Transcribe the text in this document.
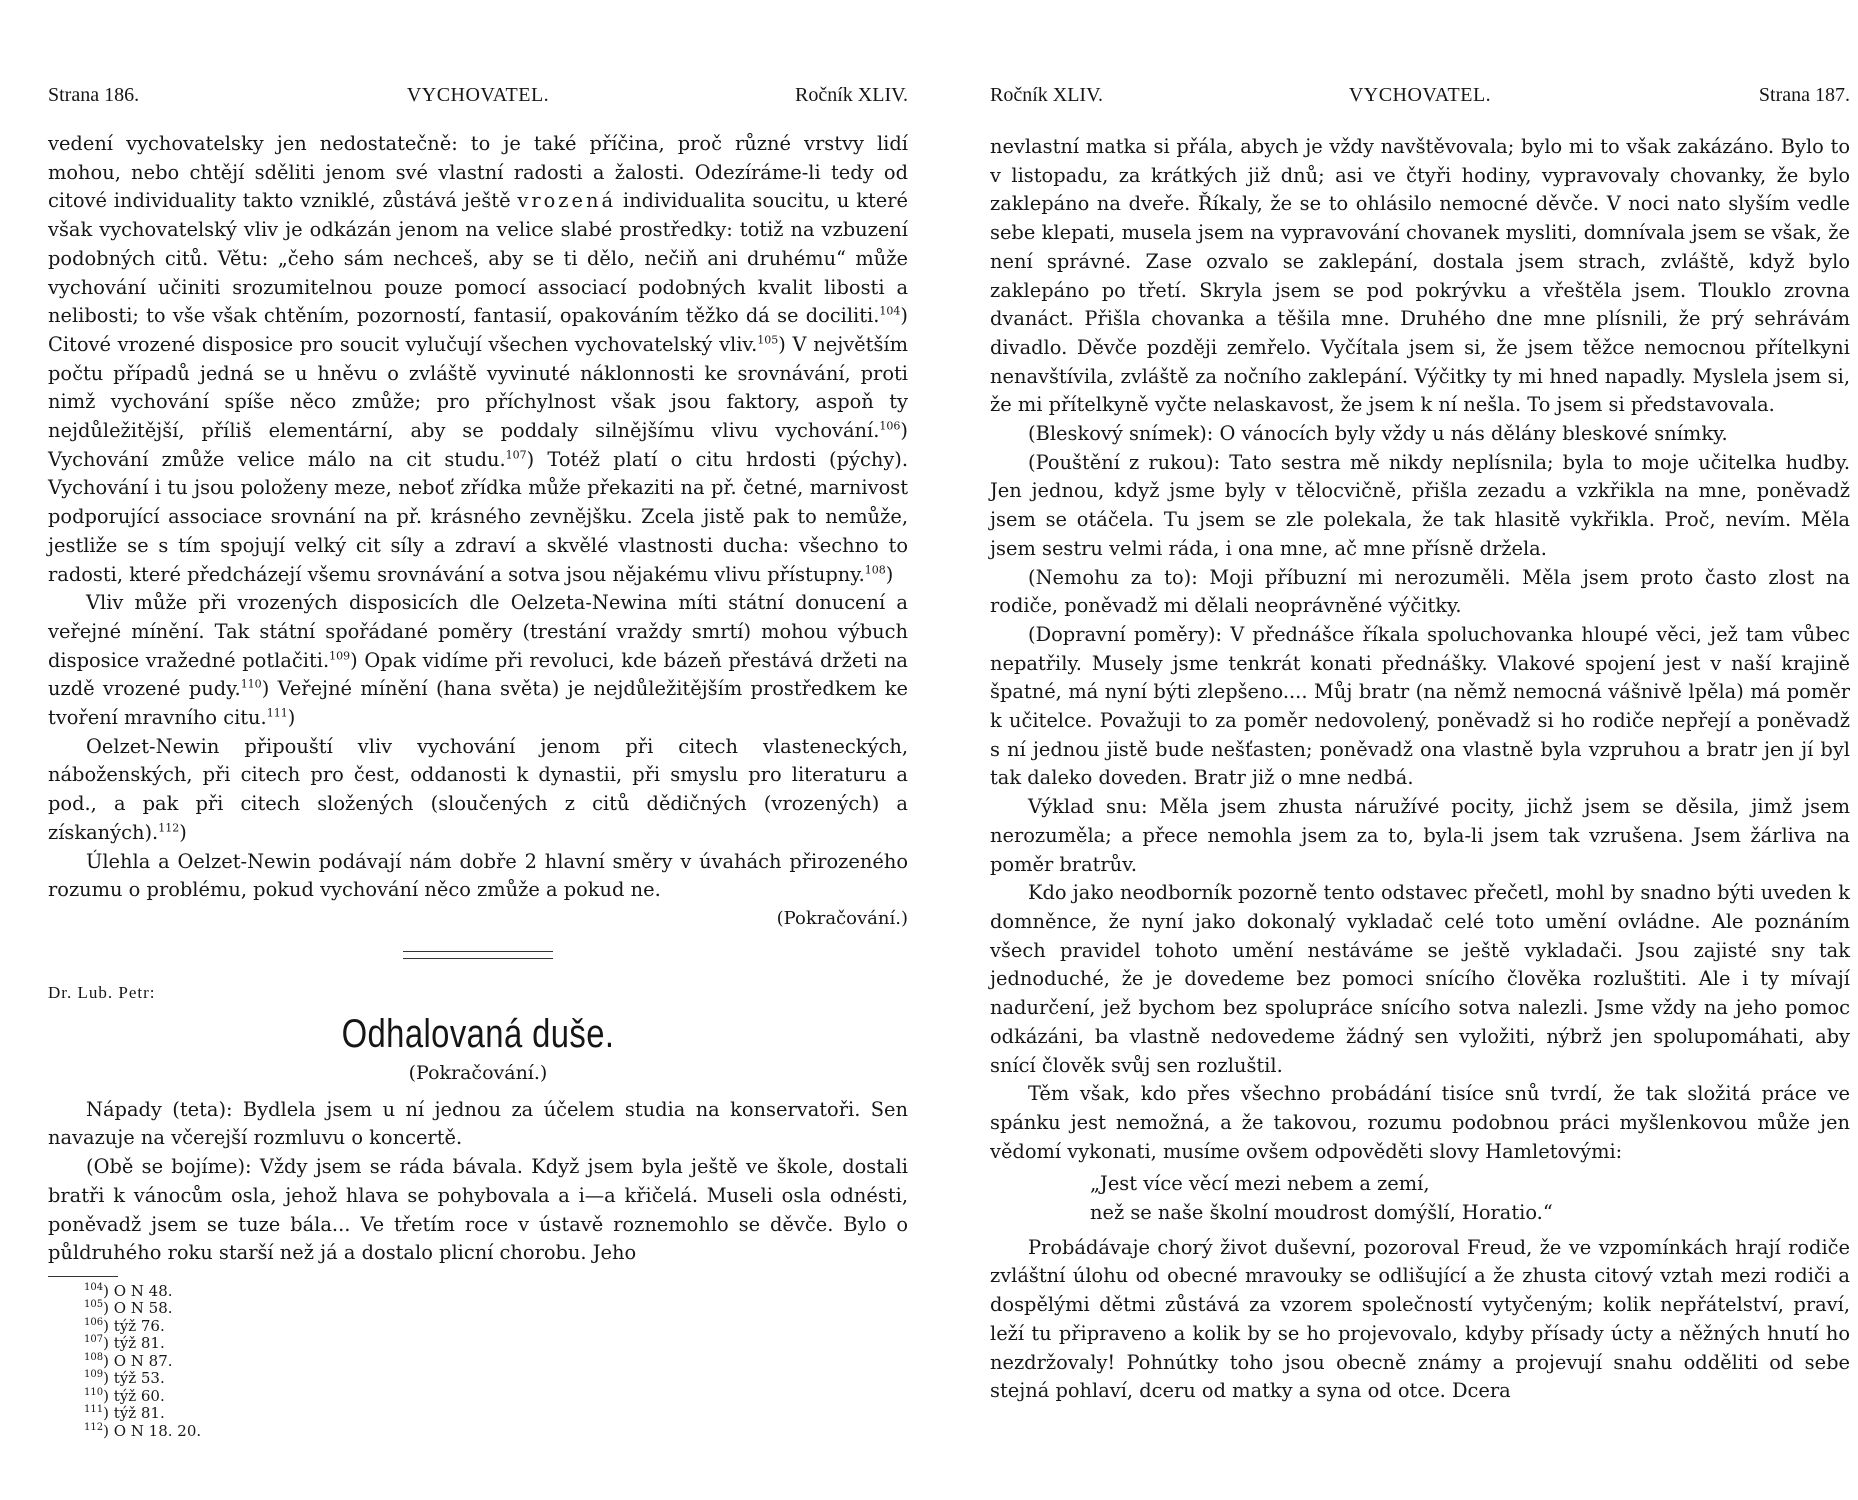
Strana 186.	VYCHOVATEL.	Ročník XLIV.

vedení vychovatelsky jen nedostatečně: to je také příčina, proč různé vrstvy lidí mohou, nebo chtějí sděliti jenom své vlastní radosti a žalosti. Odezíráme-li tedy od citové individuality takto vzniklé, zůstává ještě vrozená individualita soucitu, u které však vychovatelský vliv je odkázán jenom na velice slabé prostředky: totiž na vzbuzení podobných citů. Větu: „čeho sám nechceš, aby se ti dělo, nečiň ani druhému“ může vychování učiniti srozumitelnou pouze pomocí associací podobných kvalit libosti a nelibosti; to vše však chtěním, pozorností, fantasií, opakováním těžko dá se dociliti.$^{104}$) Citové vrozené disposice pro soucit vylučují všechen vychovatelský vliv.$^{105}$) V největším počtu případů jedná se u hněvu o zvláště vyvinuté náklonnosti ke srovnávání, proti nimž vychování spíše něco zmůže; pro příchylnost však jsou faktory, aspoň ty nejdůležitější, příliš elementární, aby se poddaly silnějšímu vlivu vychování.$^{106}$) Vychování zmůže velice málo na cit studu.$^{107}$) Totéž platí o citu hrdosti (pýchy). Vychování i tu jsou položeny meze, neboť zřídka může překaziti na př. četné, marnivost podporující associace srovnání na př. krásného zevnějšku. Zcela jistě pak to nemůže, jestliže se s tím spojují velký cit síly a zdraví a skvělé vlastnosti ducha: všechno to radosti, které předcházejí všemu srovnávání a sotva jsou nějakému vlivu přístupny.$^{108}$)

Vliv může při vrozených disposicích dle Oelzeta-Newina míti státní donucení a veřejné mínění. Tak státní spořádané poměry (trestání vraždy smrtí) mohou výbuch disposice vražedné potlačiti.$^{109}$) Opak vidíme při revoluci, kde bázeň přestává držeti na uzdě vrozené pudy.$^{110}$) Veřejné mínění (hana světa) je nejdůležitějším prostředkem ke tvoření mravního citu.$^{111}$)

Oelzet-Newin připouští vliv vychování jenom při citech vlasteneckých, náboženských, při citech pro čest, oddanosti k dynastii, při smyslu pro literaturu a pod., a pak při citech složených (sloučených z citů dědičných (vrozených) a získaných).$^{112}$)

Úlehla a Oelzet-Newin podávají nám dobře 2 hlavní směry v úvahách přirozeného rozumu o problému, pokud vychování něco zmůže a pokud ne.

(Pokračování.)

Dr. Lub. Petr:

Odhalovaná duše.

(Pokračování.)

Nápady (teta): Bydlela jsem u ní jednou za účelem studia na konservatoři. Sen navazuje na včerejší rozmluvu o koncertě.

(Obě se bojíme): Vždy jsem se ráda bávala. Když jsem byla ještě ve škole, dostali bratři k vánocům osla, jehož hlava se pohybovala a i—a křičelá. Museli osla odnésti, poněvadž jsem se tuze bála... Ve třetím roce v ústavě roznemohlo se děvče. Bylo o půldruhého roku starší než já a dostalo plicní chorobu. Jeho

$^{104}$) O N 48.
$^{105}$) O N 58.
$^{106}$) týž 76.
$^{107}$) týž 81.
$^{108}$) O N 87.
$^{109}$) týž 53.
$^{110}$) týž 60.
$^{111}$) týž 81.
$^{112}$) O N 18. 20.
Ročník XLIV.	VYCHOVATEL.	Strana 187.

nevlastní matka si přála, abych je vždy navštěvovala; bylo mi to však zakázáno. Bylo to v listopadu, za krátkých již dnů; asi ve čtyři hodiny, vypravovaly chovanky, že bylo zaklepáno na dveře. Říkaly, že se to ohlásilo nemocné děvče. V noci nato slyším vedle sebe klepati, musela jsem na vypravování chovanek mysliti, domnívala jsem se však, že není správné. Zase ozvalo se zaklepání, dostala jsem strach, zvláště, když bylo zaklepáno po třetí. Skryla jsem se pod pokrývku a vřeštěla jsem. Tlouklo zrovna dvanáct. Přišla chovanka a těšila mne. Druhého dne mne plísnili, že prý sehrávám divadlo. Děvče později zemřelo. Vyčítala jsem si, že jsem těžce nemocnou přítelkyni nenavštívila, zvláště za nočního zaklepání. Výčitky ty mi hned napadly. Myslela jsem si, že mi přítelkyně vyčte nelaskavost, že jsem k ní nešla. To jsem si představovala.

(Bleskový snímek): O vánocích byly vždy u nás dělány bleskové snímky.

(Pouštění z rukou): Tato sestra mě nikdy neplísnila; byla to moje učitelka hudby. Jen jednou, když jsme byly v tělocvičně, přišla zezadu a vzkřikla na mne, poněvadž jsem se otáčela. Tu jsem se zle polekala, že tak hlasitě vykřikla. Proč, nevím. Měla jsem sestru velmi ráda, i ona mne, ač mne přísně držela.

(Nemohu za to): Moji příbuzní mi nerozuměli. Měla jsem proto často zlost na rodiče, poněvadž mi dělali neoprávněné výčitky.

(Dopravní poměry): V přednášce říkala spoluchovanka hloupé věci, jež tam vůbec nepatřily. Musely jsme tenkrát konati přednášky. Vlakové spojení jest v naší krajině špatné, má nyní býti zlepšeno.... Můj bratr (na němž nemocná vášnivě lpěla) má poměr k učitelce. Považuji to za poměr nedovolený, poněvadž si ho rodiče nepřejí a poněvadž s ní jednou jistě bude nešťasten; poněvadž ona vlastně byla vzpruhou a bratr jen jí byl tak daleko doveden. Bratr již o mne nedbá.

Výklad snu: Měla jsem zhusta náružívé pocity, jichž jsem se děsila, jimž jsem nerozuměla; a přece nemohla jsem za to, byla-li jsem tak vzrušena. Jsem žárliva na poměr bratrův.

Kdo jako neodborník pozorně tento odstavec přečetl, mohl by snadno býti uveden k domněnce, že nyní jako dokonalý vykladač celé toto umění ovládne. Ale poznáním všech pravidel tohoto umění nestáváme se ještě vykladači. Jsou zajisté sny tak jednoduché, že je dovedeme bez pomoci snícího člověka rozluštiti. Ale i ty mívají nadurčení, jež bychom bez spolupráce snícího sotva nalezli. Jsme vždy na jeho pomoc odkázáni, ba vlastně nedovedeme žádný sen vyložiti, nýbrž jen spolupomáhati, aby snící člověk svůj sen rozluštil.

Těm však, kdo přes všechno probádání tisíce snů tvrdí, že tak složitá práce ve spánku jest nemožná, a že takovou, rozumu podobnou práci myšlenkovou může jen vědomí vykonati, musíme ovšem odpověděti slovy Hamletovými:

„Jest více věcí mezi nebem a zemí,
než se naše školní moudrost domýšlí, Horatio.“

Probádávaje chorý život duševní, pozoroval Freud, že ve vzpomínkách hrají rodiče zvláštní úlohu od obecné mravouky se odlišující a že zhusta citový vztah mezi rodiči a dospělými dětmi zůstává za vzorem společností vytyčeným; kolik nepřátelství, praví, leží tu připraveno a kolik by se ho projevovalo, kdyby přísady úcty a něžných hnutí ho nezdržovaly! Pohnútky toho jsou obecně známy a projevují snahu odděliti od sebe stejná pohlaví, dceru od matky a syna od otce. Dcera
